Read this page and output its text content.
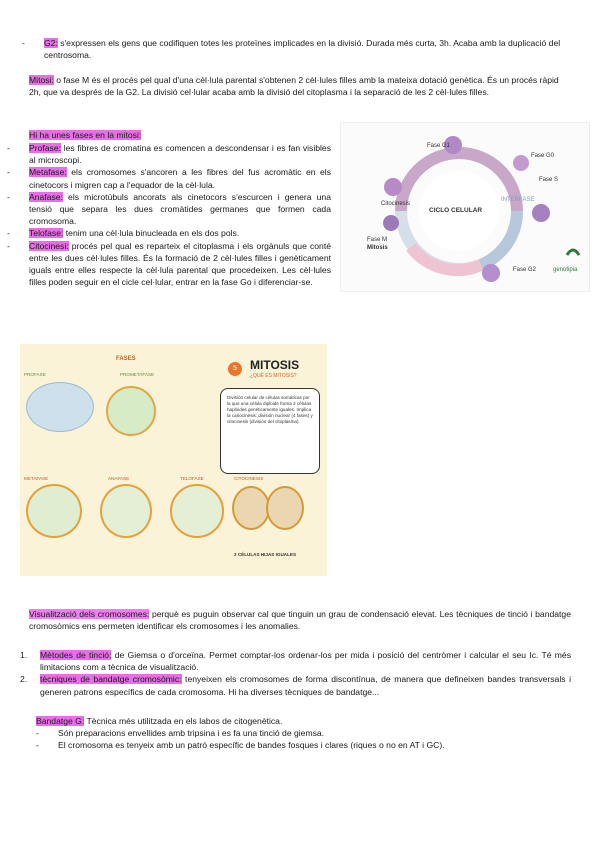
- G2: s'expressen els gens que codifiquen totes les proteïnes implicades en la divisió. Durada més curta, 3h. Acaba amb la duplicació del centrosoma.
Mitosi: o fase M és el procés pel qual d'una cèl·lula parental s'obtenen 2 cèl·lules filles amb la mateixa dotació genètica. És un procés ràpid 2h, que va després de la G2. La divisió cel·lular acaba amb la divisió del citoplasma i la separació de les 2 cèl·lules filles.
Hi ha unes fases en la mitosi:
- Profase: les fibres de cromatina es comencen a descondensar i es fan visibles al microscopi.
- Metafase: els cromosomes s'ancoren a les fibres del fus acromàtic en els cinetocors i migren cap a l'equador de la cèl·lula.
- Anafase: els microtúbuls ancorats als cinetocors s'escurcen i genera una tensió que separa les dues cromàtides germanes que formen cada cromosoma.
- Telofase: tenim una cèl·lula binucleada en els dos pols.
- Citocinesi: procés pel qual es reparteix el citoplasma i els orgànuls que conté entre les dues cèl·lules filles. És la formació de 2 cèl·lules filles i genèticament iguals entre elles respecte la cèl·lula parental que procedeixen. Les cèl·lules filles poden seguir en el cicle cel·lular, entrar en la fase Go i diferenciar-se.
CICLO CELULAR
Fase G1
Fase S
Fase G2
Fase M
Mitosis
INTERFASE
Citocinesis
Fase G0
genotipia
FASES
5	MITOSIS
¿QUÉ ES MITOSIS?
División celular de células somáticas por la que una célula diploide forma 2 células haploides genéticamente iguales. Implica la cariocinesis: división nuclear (4 fases) y citocinesis (división del citoplasma).
PROFASE	PROMETAFASE
METAFASE	ANAFASE	TELOFASE	CITOCINESIS
2 CÉLULAS HIJAS IGUALES
Visualització dels cromosomes: perquè es puguin observar cal que tinguin un grau de condensació elevat. Les tècniques de tinció i bandatge cromosòmics ens permeten identificar els cromosomes i les anomalies.
1. Mètodes de tinció: de Giemsa o d'orceïna. Permet comptar-los ordenar-los per mida i posició del centròmer i calcular el seu Ic. Té més limitacions com a tècnica de visualització.
2. tècniques de bandatge cromosòmic: tenyeixen els cromosomes de forma discontínua, de manera que defineixen bandes transversals i generen patrons específics de cada cromosoma. Hi ha diverses tècniques de bandatge...
Bandatge G: Tècnica més utilitzada en els labos de citogenètica.
- Són preparacions envellides amb tripsina i es fa una tinció de giemsa.
- El cromosoma es tenyeix amb un patró específic de bandes fosques i clares (riques o no en AT i GC).
